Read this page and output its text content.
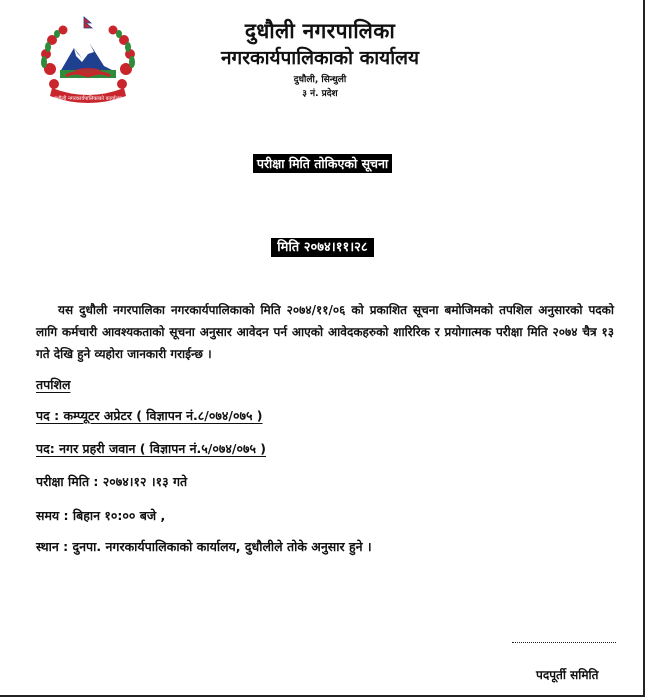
दुधौली नगरकार्यपालिकाको कार्यालय
दुधौली नगरपालिका
नगरकार्यपालिकाको कार्यालय
दुधौली, सिन्धुली
३ नं. प्रदेश
परीक्षा मिति तोकिएको सूचना
मिति २०७४।११।२८
यस दुधौली नगरपालिका नगरकार्यपालिकाको मिति २०७४/११/०६ को प्रकाशित सूचना बमोजिमको तपशिल अनुसारको पदको लागि कर्मचारी आवश्यकताको सूचना अनुसार आवेदन पर्न आएको आवेदकहरुको शारिरिक र प्रयोगात्मक परीक्षा मिति २०७४ चैत्र १३ गते देखि हुने व्यहोरा जानकारी गराईन्छ ।
तपशिल
पद : कम्प्यूटर अप्रेटर ( विज्ञापन नं.८/०७४/०७५ )
पद: नगर प्रहरी जवान ( विज्ञापन नं.५/०७४/०७५ )
परीक्षा मिति : २०७४।१२ ।१३ गते
समय : बिहान १०:०० बजे ,
स्थान : दुनपा. नगरकार्यपालिकाको कार्यालय, दुधौलीले तोके अनुसार हुने ।
पदपूर्ती समिति
